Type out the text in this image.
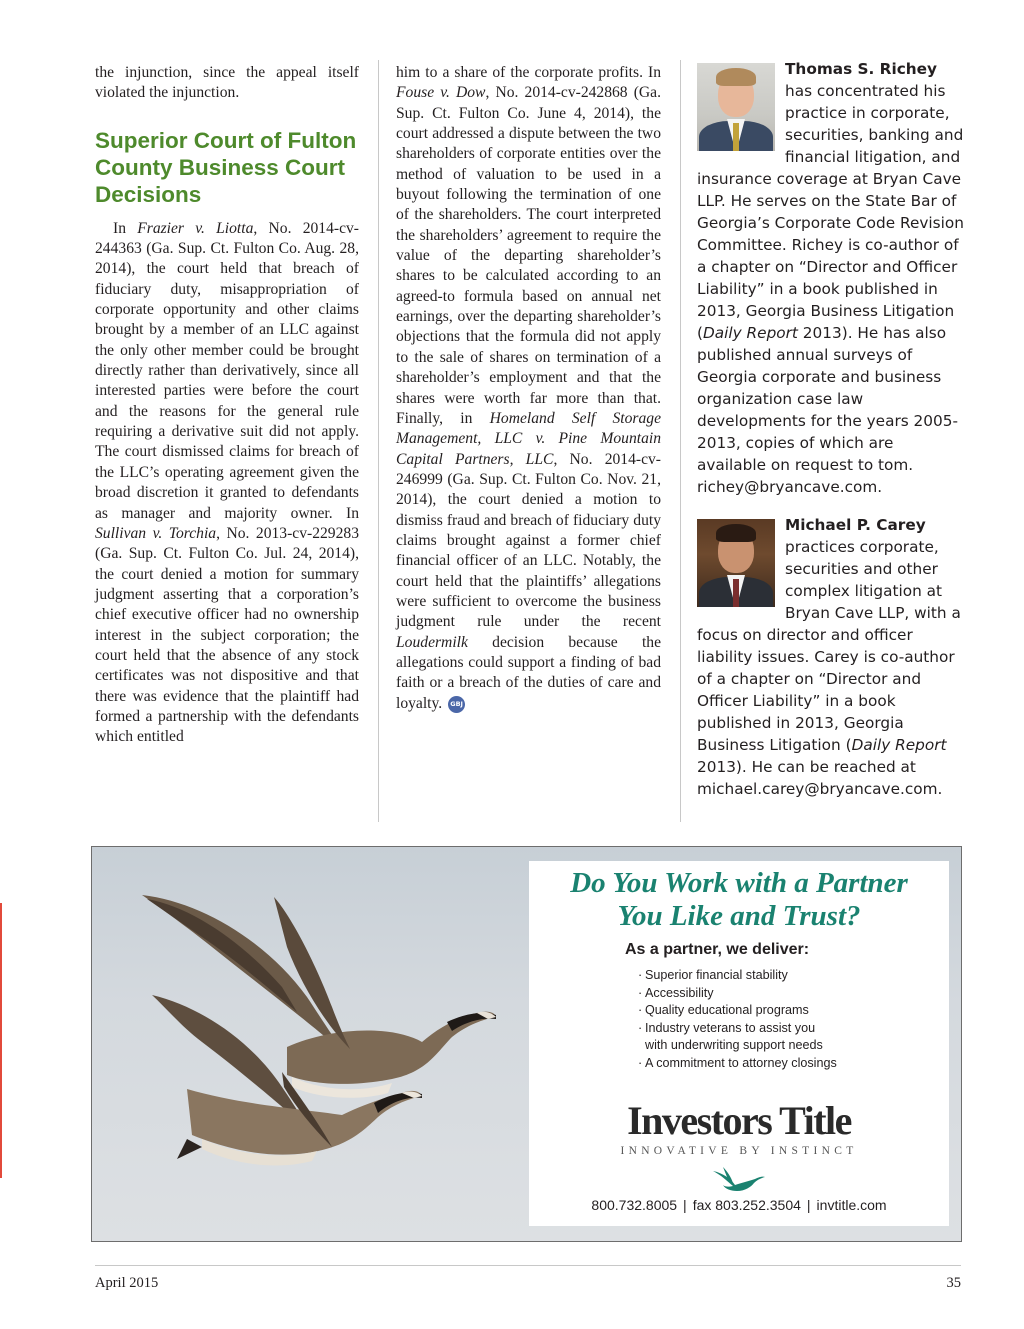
the injunction, since the appeal itself violated the injunction.

Superior Court of Fulton County Business Court Decisions

In Frazier v. Liotta, No. 2014-cv-244363 (Ga. Sup. Ct. Fulton Co. Aug. 28, 2014), the court held that breach of fiduciary duty, misappropriation of corporate opportunity and other claims brought by a member of an LLC against the only other member could be brought directly rather than derivatively, since all interested parties were before the court and the reasons for the general rule requiring a derivative suit did not apply. The court dismissed claims for breach of the LLC’s operating agreement given the broad discretion it granted to defendants as manager and majority owner. In Sullivan v. Torchia, No. 2013-cv-229283 (Ga. Sup. Ct. Fulton Co. Jul. 24, 2014), the court denied a motion for summary judgment asserting that a corporation’s chief executive officer had no ownership interest in the subject corporation; the court held that the absence of any stock certificates was not dispositive and that there was evidence that the plaintiff had formed a partnership with the defendants which entitled

him to a share of the corporate profits. In Fouse v. Dow, No. 2014-cv-242868 (Ga. Sup. Ct. Fulton Co. June 4, 2014), the court addressed a dispute between the two shareholders of corporate entities over the method of valuation to be used in a buyout following the termination of one of the shareholders. The court interpreted the shareholders’ agreement to require the value of the departing shareholder’s shares to be calculated according to an agreed-to formula based on annual net earnings, over the departing shareholder’s objections that the formula did not apply to the sale of shares on termination of a shareholder’s employment and that the shares were worth far more than that. Finally, in Homeland Self Storage Management, LLC v. Pine Mountain Capital Partners, LLC, No. 2014-cv-246999 (Ga. Sup. Ct. Fulton Co. Nov. 21, 2014), the court denied a motion to dismiss fraud and breach of fiduciary duty claims brought against a former chief financial officer of an LLC. Notably, the court held that the plaintiffs’ allegations were sufficient to overcome the business judgment rule under the recent Loudermilk decision because the allegations could support a finding of bad faith or a breach of the duties of care and loyalty. GBJ

Thomas S. Richey has concentrated his practice in corporate, securities, banking and financial litigation, and insurance coverage at Bryan Cave LLP. He serves on the State Bar of Georgia’s Corporate Code Revision Committee. Richey is co-author of a chapter on “Director and Officer Liability” in a book published in 2013, Georgia Business Litigation (Daily Report 2013). He has also published annual surveys of Georgia corporate and business organization case law developments for the years 2005-2013, copies of which are available on request to tom. richey@bryancave.com.

Michael P. Carey practices corporate, securities and other complex litigation at Bryan Cave LLP, with a focus on director and officer liability issues. Carey is co-author of a chapter on “Director and Officer Liability” in a book published in 2013, Georgia Business Litigation (Daily Report 2013). He can be reached at michael.carey@bryancave.com.

Do You Work with a Partner
You Like and Trust?
As a partner, we deliver:
· Superior financial stability
· Accessibility
· Quality educational programs
· Industry veterans to assist you
with underwriting support needs
· A commitment to attorney closings
Investors Title
INNOVATIVE BY INSTINCT
800.732.8005 | fax 803.252.3504 | invtitle.com
April 2015	35
